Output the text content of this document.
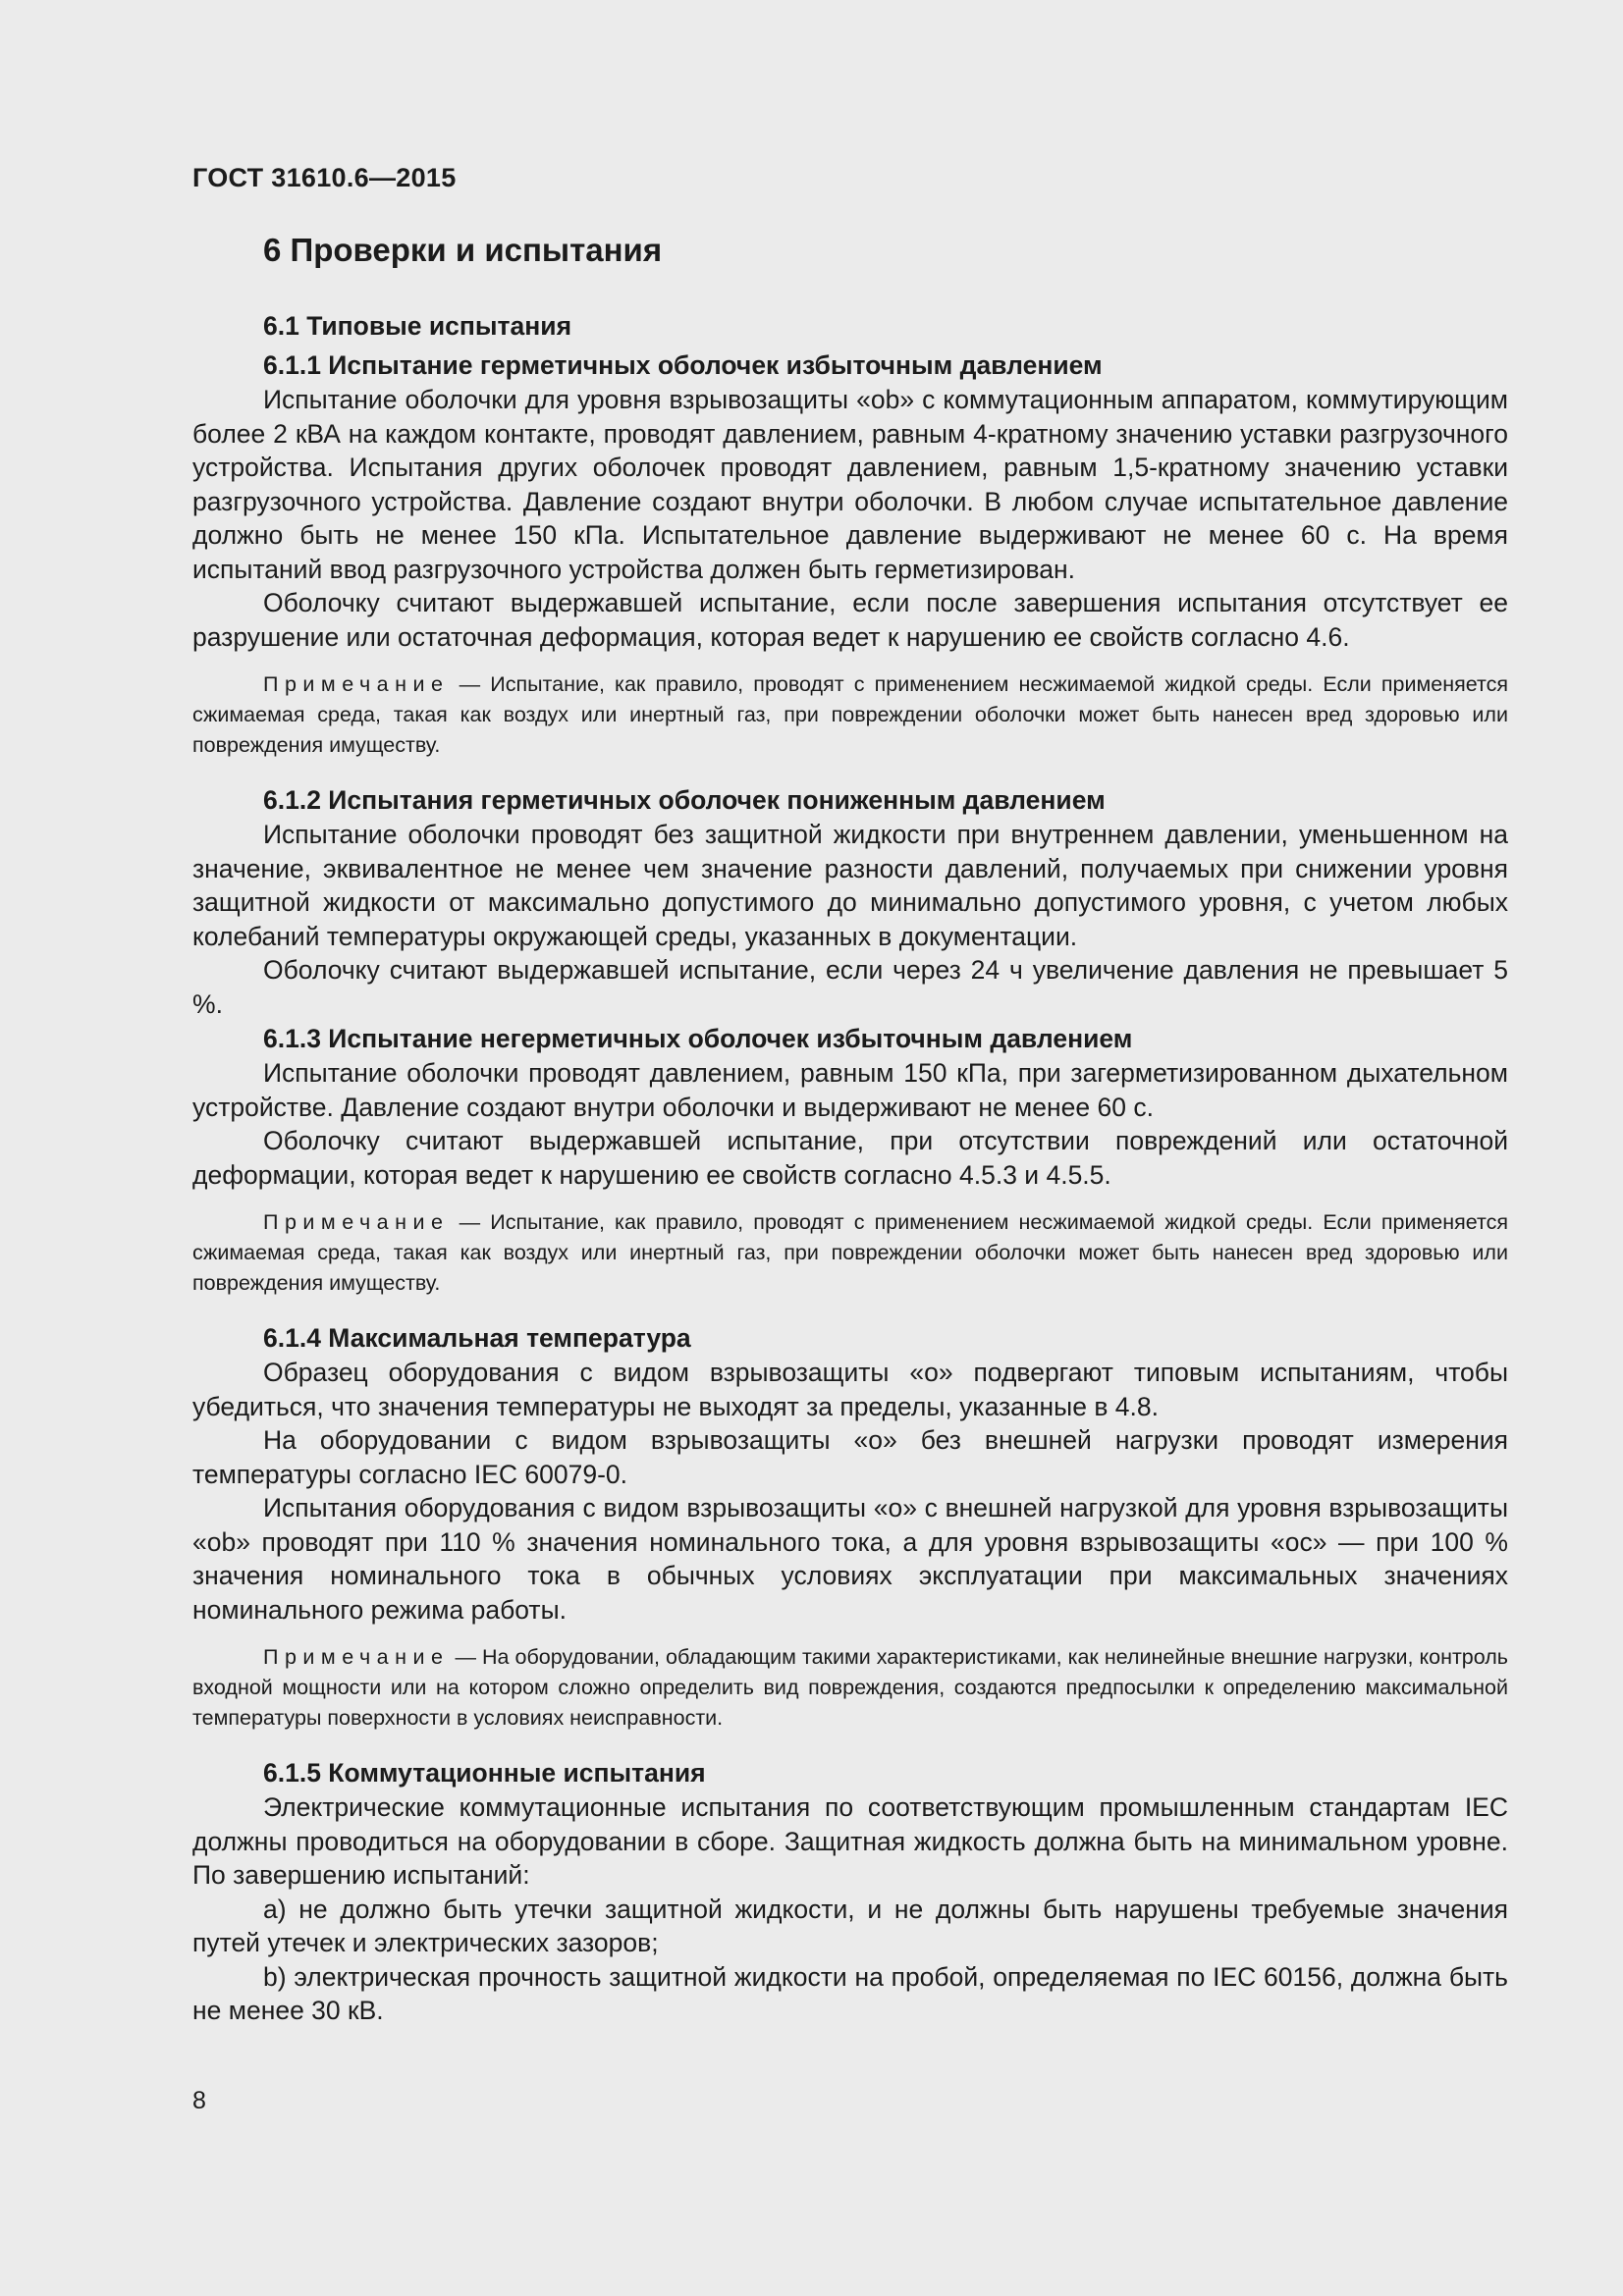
ГОСТ 31610.6—2015
6 Проверки и испытания
6.1 Типовые испытания
6.1.1 Испытание герметичных оболочек избыточным давлением

Испытание оболочки для уровня взрывозащиты «ob» с коммутационным аппаратом, коммутирующим более 2 кВА на каждом контакте, проводят давлением, равным 4-кратному значению уставки разгрузочного устройства. Испытания других оболочек проводят давлением, равным 1,5-кратному значению уставки разгрузочного устройства. Давление создают внутри оболочки. В любом случае испытательное давление должно быть не менее 150 кПа. Испытательное давление выдерживают не менее 60 с. На время испытаний ввод разгрузочного устройства должен быть герметизирован.

Оболочку считают выдержавшей испытание, если после завершения испытания отсутствует ее разрушение или остаточная деформация, которая ведет к нарушению ее свойств согласно 4.6.

Примечание — Испытание, как правило, проводят с применением несжимаемой жидкой среды. Если применяется сжимаемая среда, такая как воздух или инертный газ, при повреждении оболочки может быть нанесен вред здоровью или повреждения имуществу.

6.1.2 Испытания герметичных оболочек пониженным давлением

Испытание оболочки проводят без защитной жидкости при внутреннем давлении, уменьшенном на значение, эквивалентное не менее чем значение разности давлений, получаемых при снижении уровня защитной жидкости от максимально допустимого до минимально допустимого уровня, с учетом любых колебаний температуры окружающей среды, указанных в документации.

Оболочку считают выдержавшей испытание, если через 24 ч увеличение давления не превышает 5 %.

6.1.3 Испытание негерметичных оболочек избыточным давлением

Испытание оболочки проводят давлением, равным 150 кПа, при загерметизированном дыхательном устройстве. Давление создают внутри оболочки и выдерживают не менее 60 с.

Оболочку считают выдержавшей испытание, при отсутствии повреждений или остаточной деформации, которая ведет к нарушению ее свойств согласно 4.5.3 и 4.5.5.

Примечание — Испытание, как правило, проводят с применением несжимаемой жидкой среды. Если применяется сжимаемая среда, такая как воздух или инертный газ, при повреждении оболочки может быть нанесен вред здоровью или повреждения имуществу.

6.1.4 Максимальная температура

Образец оборудования с видом взрывозащиты «о» подвергают типовым испытаниям, чтобы убедиться, что значения температуры не выходят за пределы, указанные в 4.8.

На оборудовании с видом взрывозащиты «о» без внешней нагрузки проводят измерения температуры согласно IEC 60079-0.

Испытания оборудования с видом взрывозащиты «о» с внешней нагрузкой для уровня взрывозащиты «ob» проводят при 110 % значения номинального тока, а для уровня взрывозащиты «ос» — при 100 % значения номинального тока в обычных условиях эксплуатации при максимальных значениях номинального режима работы.

Примечание — На оборудовании, обладающим такими характеристиками, как нелинейные внешние нагрузки, контроль входной мощности или на котором сложно определить вид повреждения, создаются предпосылки к определению максимальной температуры поверхности в условиях неисправности.

6.1.5 Коммутационные испытания

Электрические коммутационные испытания по соответствующим промышленным стандартам IEC должны проводиться на оборудовании в сборе. Защитная жидкость должна быть на минимальном уровне. По завершению испытаний:

а) не должно быть утечки защитной жидкости, и не должны быть нарушены требуемые значения путей утечек и электрических зазоров;

b) электрическая прочность защитной жидкости на пробой, определяемая по IEC 60156, должна быть не менее 30 кВ.

8
